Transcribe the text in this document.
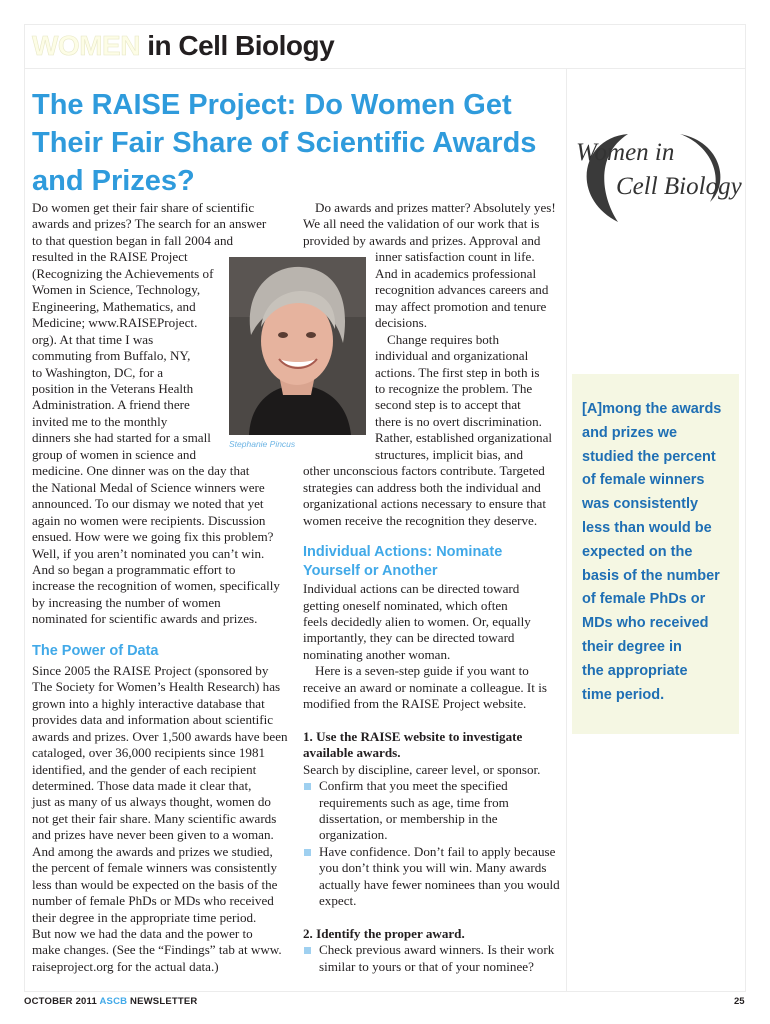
WOMEN in Cell Biology
The RAISE Project: Do Women Get Their Fair Share of Scientific Awards and Prizes?
Women in
Cell Biology

Do women get their fair share of scientific
awards and prizes? The search for an answer
to that question began in fall 2004 and
resulted in the RAISE Project
(Recognizing the Achievements of
Women in Science, Technology,
Engineering, Mathematics, and
Medicine; www.RAISEProject.
org). At that time I was
commuting from Buffalo, NY,
to Washington, DC, for a
position in the Veterans Health
Administration. A friend there
invited me to the monthly
dinners she had started for a small
group of women in science and
medicine. One dinner was on the day that
the National Medal of Science winners were
announced. To our dismay we noted that yet
again no women were recipients. Discussion
ensued. How were we going fix this problem?
Well, if you aren’t nominated you can’t win.
And so began a programmatic effort to
increase the recognition of women, specifically
by increasing the number of women
nominated for scientific awards and prizes.

The Power of Data

Since 2005 the RAISE Project (sponsored by
The Society for Women’s Health Research) has
grown into a highly interactive database that
provides data and information about scientific
awards and prizes. Over 1,500 awards have been
cataloged, over 36,000 recipients since 1981
identified, and the gender of each recipient
determined. Those data made it clear that,
just as many of us always thought, women do
not get their fair share. Many scientific awards
and prizes have never been given to a woman.
And among the awards and prizes we studied,
the percent of female winners was consistently
less than would be expected on the basis of the
number of female PhDs or MDs who received
their degree in the appropriate time period.
But now we had the data and the power to
make changes. (See the “Findings” tab at www.
raiseproject.org for the actual data.)

Stephanie Pincus

Do awards and prizes matter? Absolutely yes!
We all need the validation of our work that is
provided by awards and prizes. Approval and

inner satisfaction count in life.
And in academics professional
recognition advances careers and
may affect promotion and tenure
decisions.
Change requires both
individual and organizational
actions. The first step in both is
to recognize the problem. The
second step is to accept that
there is no overt discrimination.
Rather, established organizational
structures, implicit bias, and

other unconscious factors contribute. Targeted
strategies can address both the individual and
organizational actions necessary to ensure that
women receive the recognition they deserve.

Individual Actions: Nominate
Yourself or Another

Individual actions can be directed toward
getting oneself nominated, which often
feels decidedly alien to women. Or, equally
importantly, they can be directed toward
nominating another woman.
Here is a seven-step guide if you want to
receive an award or nominate a colleague. It is
modified from the RAISE Project website.

1. Use the RAISE website to investigate
available awards.
Search by discipline, career level, or sponsor.
Confirm that you meet the specified
requirements such as age, time from
dissertation, or membership in the
organization.
Have confidence. Don’t fail to apply because
you don’t think you will win. Many awards
actually have fewer nominees than you would
expect.
2. Identify the proper award.
Check previous award winners. Is their work
similar to yours or that of your nominee?
[A]mong the awards
and prizes we
studied the percent
of female winners
was consistently
less than would be
expected on the
basis of the number
of female PhDs or
MDs who received
their degree in
the appropriate
time period.
OCTOBER 2011 ASCB NEWSLETTER	25
